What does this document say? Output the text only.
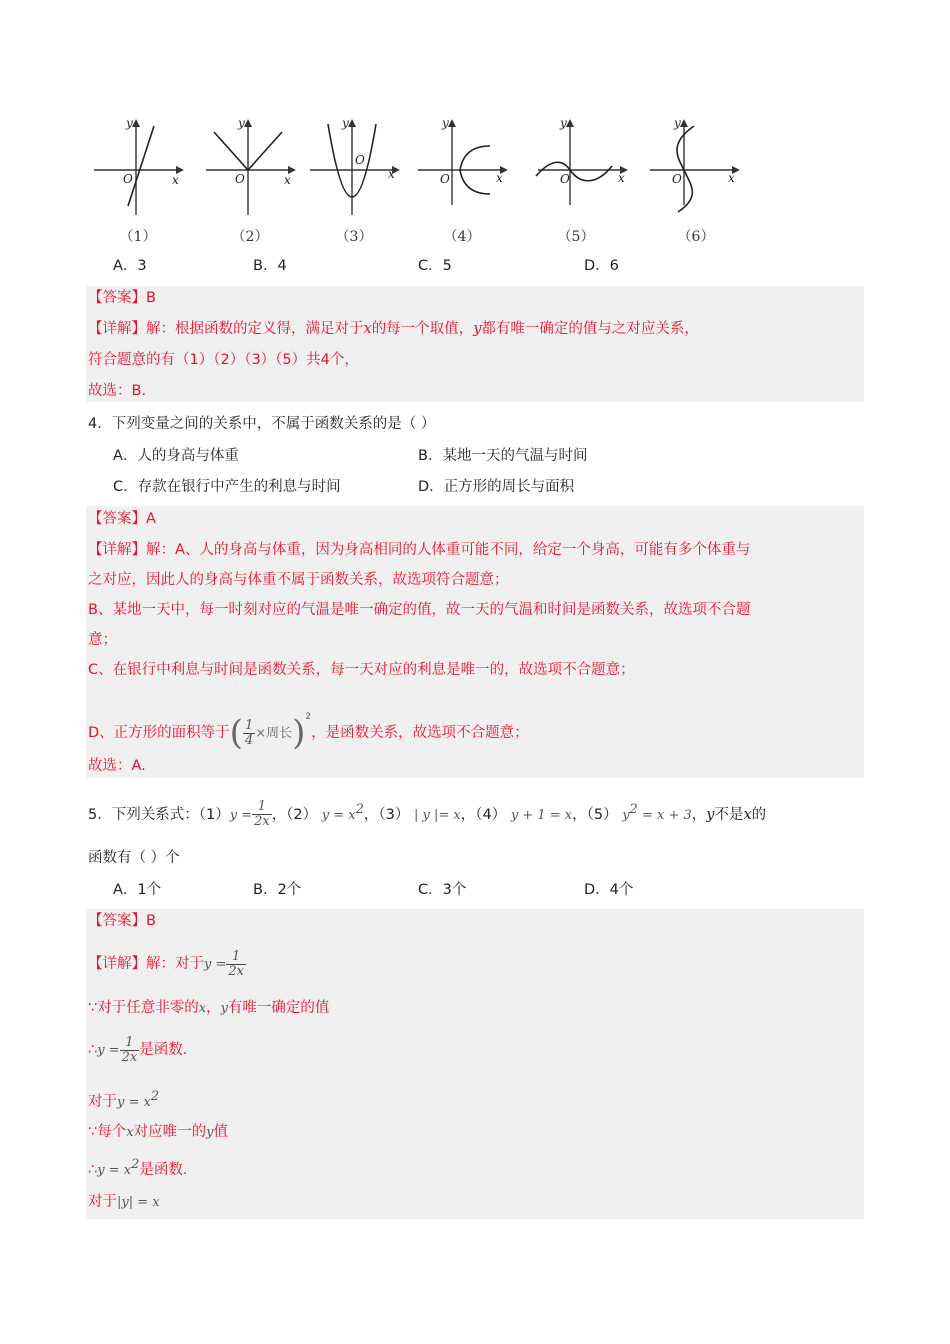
y
x
O
（1）
y
x
O
（2）
y
x
O
（3）
y
x
O
（4）
y
x
O
（5）
y
x
O
（6）
A．3	B．4	C．5	D．6
【答案】B
【详解】解：根据函数的定义得，满足对于x的每一个取值，y都有唯一确定的值与之对应关系，
符合题意的有（1）（2）（3）（5）共4个，
故选：B.
4．下列变量之间的关系中，不属于函数关系的是（ ）
A．人的身高与体重	B．某地一天的气温与时间
C．存款在银行中产生的利息与时间	D．正方形的周长与面积
【答案】A
【详解】解：A、人的身高与体重，因为身高相同的人体重可能不同，给定一个身高，可能有多个体重与
之对应，因此人的身高与体重不属于函数关系，故选项符合题意；
B、某地一天中，每一时刻对应的气温是唯一确定的值，故一天的气温和时间是函数关系，故选项不合题
意；
C、在银行中利息与时间是函数关系，每一天对应的利息是唯一的，故选项不合题意；
D、正方形的面积等于( $\frac{1}{4}$ ×周长)$^2$，是函数关系，故选项不合题意；
故选：A.
5．下列关系式：$(1)y = \frac{1}{2x}$ ，（2） $y = x^2$，（3） | y |= x，（4） y + 1 = x，（5） $y^2 = x + 3$，y不是x的
函数有（ ）个
A．1个	B．2个	C．3个	D．4个
【答案】B
【详解】解：对于$y = \frac{1}{2x}$
∵对于任意非零的x，y有唯一确定的值
∴y = $\frac{1}{2x}$ 是函数.
对于$y = x^2$
∵每个x对应唯一的y值
∴y = $x^2$是函数.
对于|y| = x
